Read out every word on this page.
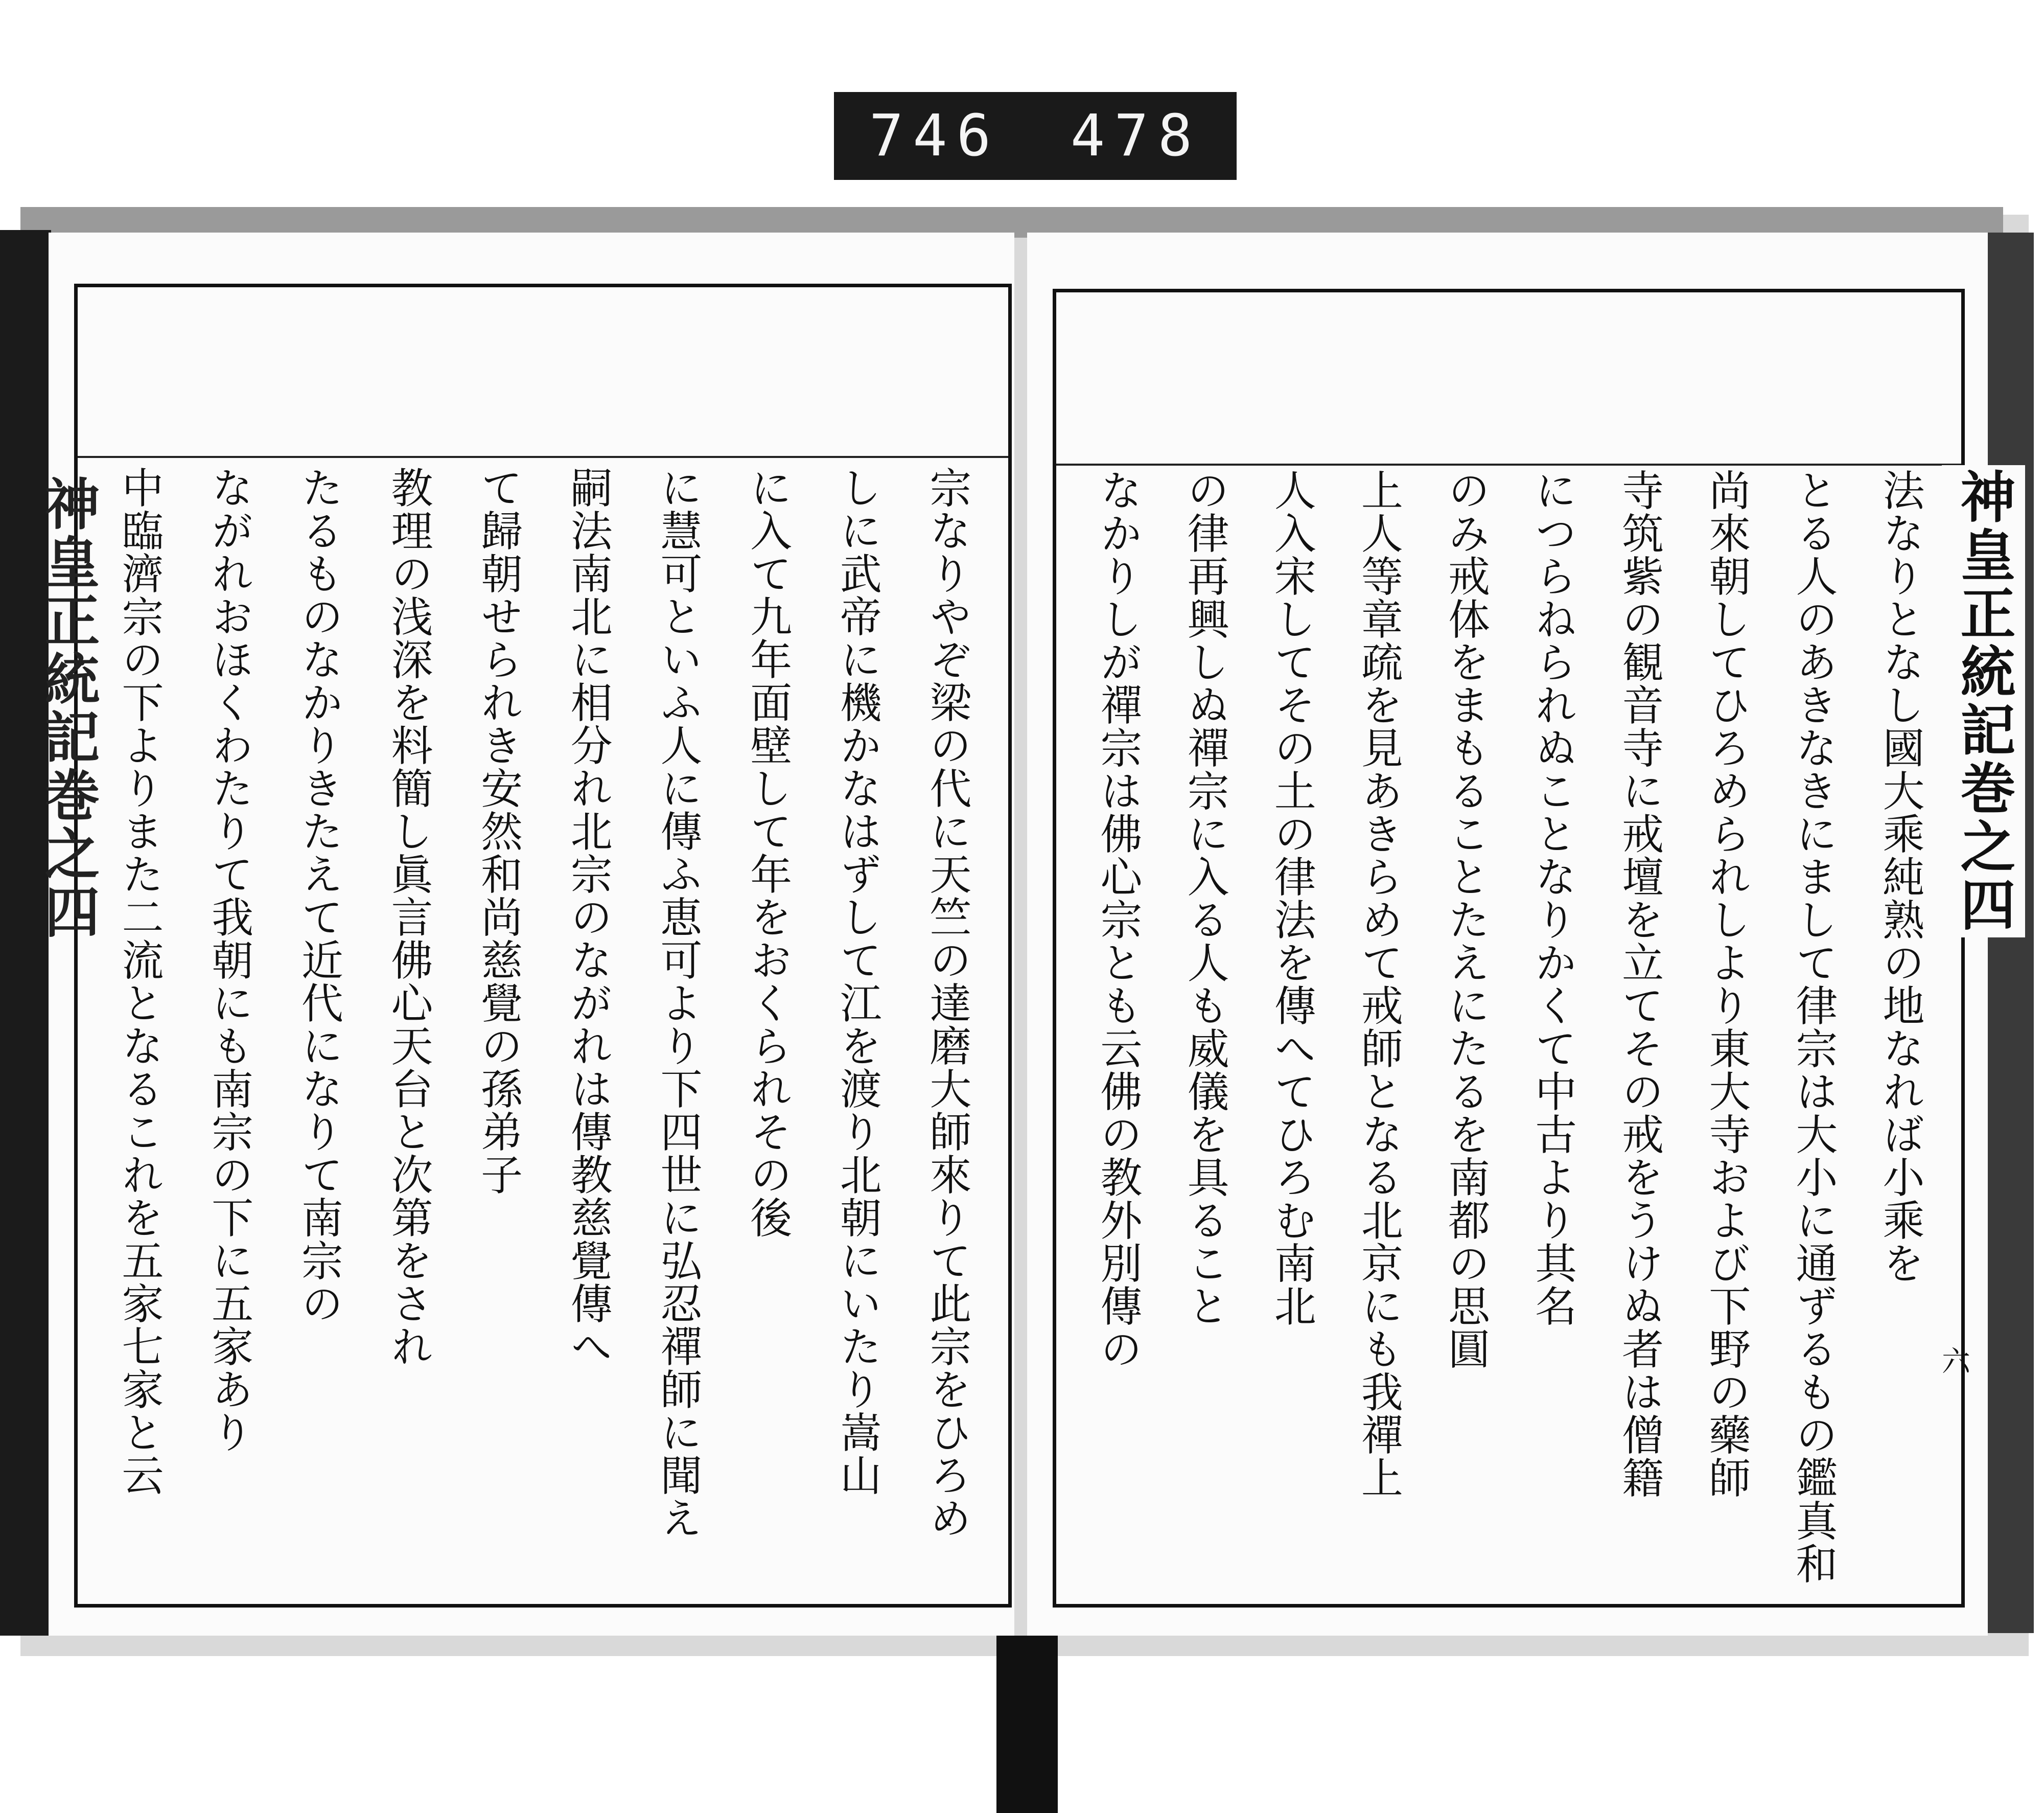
746 478
宗なりやぞ梁の代に天竺の達磨大師來りて此宗をひろめ
しに武帝に機かなはずして江を渡り北朝にいたり嵩山
に入て九年面壁して年をおくられその後
に慧可といふ人に傳ふ恵可より下四世に弘忍禪師に聞え
嗣法南北に相分れ北宗のながれは傳教慈覺傳へ
て歸朝せられき安然和尚慈覺の孫弟子
教理の浅深を料簡し眞言佛心天台と次第をされ
たるものなかりきたえて近代になりて南宗の
ながれおほくわたりて我朝にも南宗の下に五家あり
中臨濟宗の下よりまた二流となるこれを五家七家と云
神皇正統記巻之四	法なりとなし國大乘純熟の地なれば小乘を
とる人のあきなきにまして律宗は大小に通ずるもの鑑真和
尚來朝してひろめられしより東大寺および下野の藥師
寺筑紫の観音寺に戒壇を立てその戒をうけぬ者は僧籍
につらねられぬことなりかくて中古より其名
のみ戒体をまもることたえにたるを南都の思圓
上人等章疏を見あきらめて戒師となる北京にも我禪上
人入宋してその土の律法を傳へてひろむ南北
の律再興しぬ禪宗に入る人も威儀を具ること
なかりしが禪宗は佛心宗とも云佛の教外別傳の	神皇正統記巻之四
六
